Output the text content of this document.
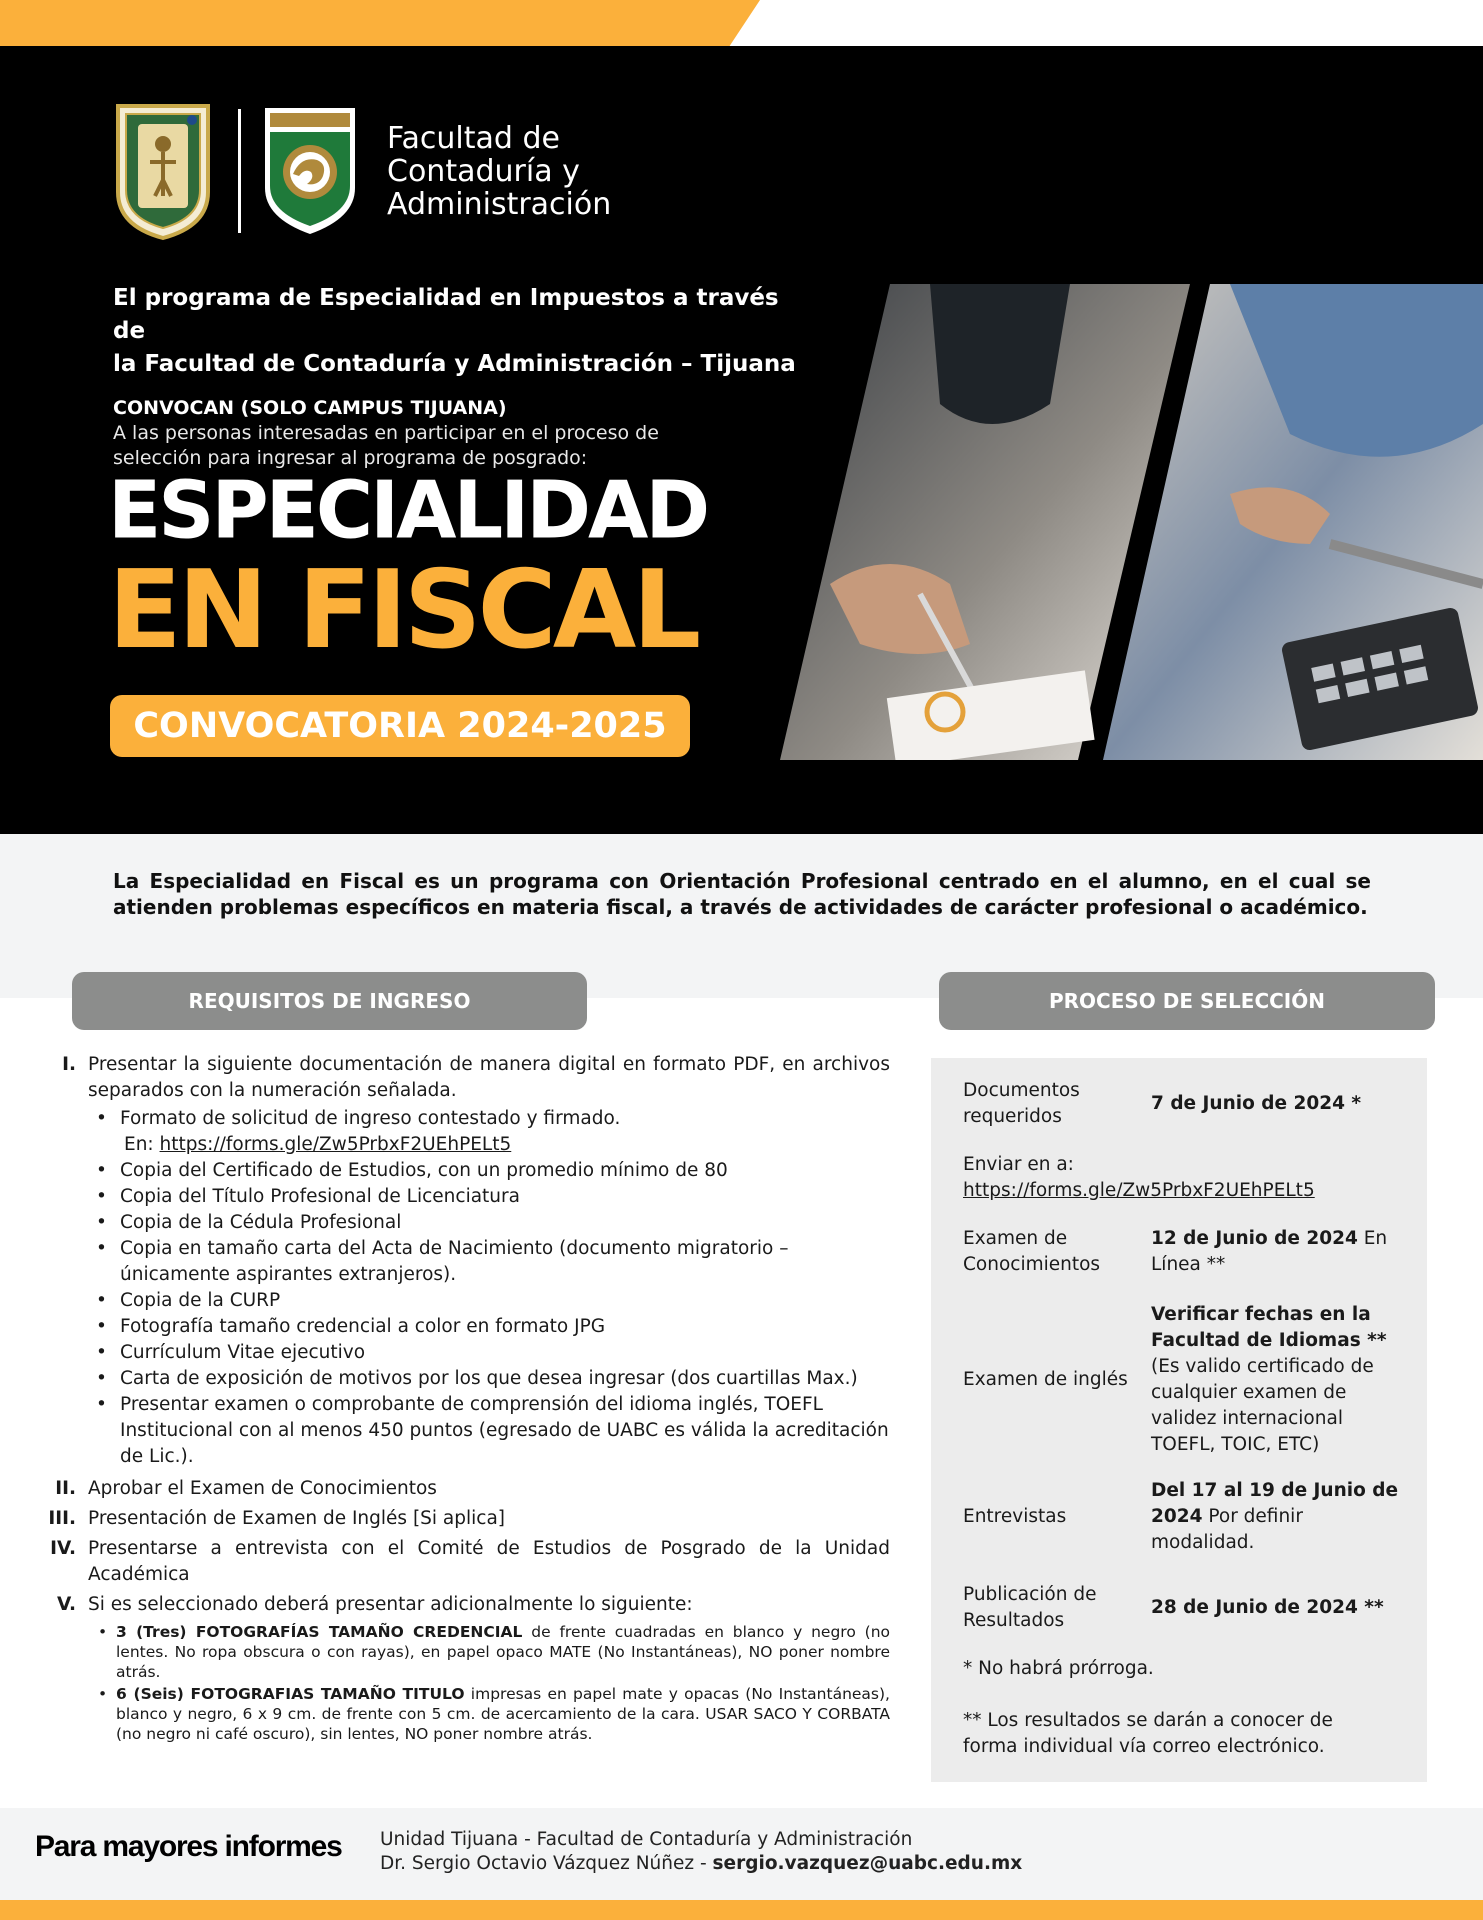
Facultad de
Contaduría y
Administración
El programa de Especialidad en Impuestos a través de
la Facultad de Contaduría y Administración – Tijuana
CONVOCAN (SOLO CAMPUS TIJUANA)
A las personas interesadas en participar en el proceso de
selección para ingresar al programa de posgrado:
ESPECIALIDAD
EN FISCAL
CONVOCATORIA 2024-2025
La Especialidad en Fiscal es un programa con Orientación Profesional centrado en el alumno, en el cual se atienden problemas específicos en materia fiscal, a través de actividades de carácter profesional o académico.
REQUISITOS DE INGRESO	PROCESO DE SELECCIÓN
I. Presentar la siguiente documentación de manera digital en formato PDF, en archivos separados con la numeración señalada.
• Formato de solicitud de ingreso contestado y firmado.
En: https://forms.gle/Zw5PrbxF2UEhPELt5
• Copia del Certificado de Estudios, con un promedio mínimo de 80
• Copia del Título Profesional de Licenciatura
• Copia de la Cédula Profesional
• Copia en tamaño carta del Acta de Nacimiento (documento migratorio – únicamente aspirantes extranjeros).
• Copia de la CURP
• Fotografía tamaño credencial a color en formato JPG
• Currículum Vitae ejecutivo
• Carta de exposición de motivos por los que desea ingresar (dos cuartillas Max.)
• Presentar examen o comprobante de comprensión del idioma inglés, TOEFL Institucional con al menos 450 puntos (egresado de UABC es válida la acreditación de Lic.).
II. Aprobar el Examen de Conocimientos
III. Presentación de Examen de Inglés [Si aplica]
IV. Presentarse a entrevista con el Comité de Estudios de Posgrado de la Unidad Académica
V. Si es seleccionado deberá presentar adicionalmente lo siguiente:
• 3 (Tres) FOTOGRAFÍAS TAMAÑO CREDENCIAL de frente cuadradas en blanco y negro (no lentes. No ropa obscura o con rayas), en papel opaco MATE (No Instantáneas), NO poner nombre atrás.
• 6 (Seis) FOTOGRAFIAS TAMAÑO TITULO impresas en papel mate y opacas (No Instantáneas), blanco y negro, 6 x 9 cm. de frente con 5 cm. de acercamiento de la cara. USAR SACO Y CORBATA (no negro ni café oscuro), sin lentes, NO poner nombre atrás.
Documentos requeridos
7 de Junio de 2024 *
Enviar en a:
https://forms.gle/Zw5PrbxF2UEhPELt5
Examen de Conocimientos
12 de Junio de 2024 En Línea **
Examen de inglés
Verificar fechas en la Facultad de Idiomas **
(Es valido certificado de cualquier examen de validez internacional TOEFL, TOIC, ETC)
Entrevistas
Del 17 al 19 de Junio de 2024 Por definir modalidad.
Publicación de Resultados
28 de Junio de 2024 **
* No habrá prórroga.
** Los resultados se darán a conocer de forma individual vía correo electrónico.
Para mayores informes Unidad Tijuana - Facultad de Contaduría y Administración
Dr. Sergio Octavio Vázquez Núñez - sergio.vazquez@uabc.edu.mx
